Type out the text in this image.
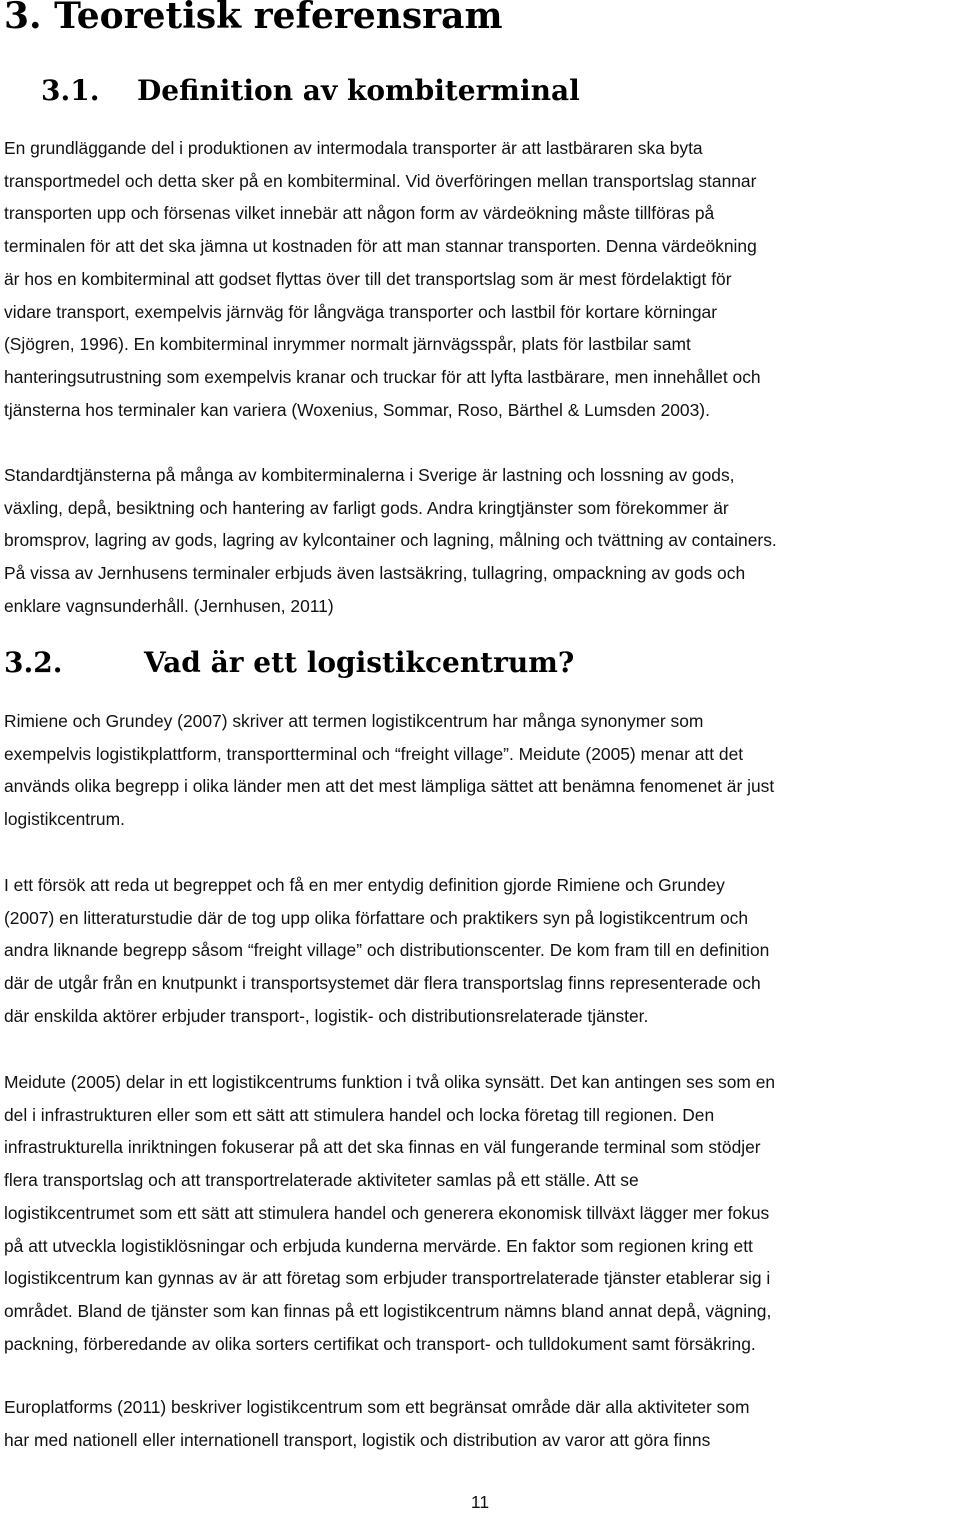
3. Teoretisk referensram
3.1. Definition av kombiterminal
En grundläggande del i produktionen av intermodala transporter är att lastbäraren ska byta
transportmedel och detta sker på en kombiterminal. Vid överföringen mellan transportslag stannar
transporten upp och försenas vilket innebär att någon form av värdeökning måste tillföras på
terminalen för att det ska jämna ut kostnaden för att man stannar transporten. Denna värdeökning
är hos en kombiterminal att godset flyttas över till det transportslag som är mest fördelaktigt för
vidare transport, exempelvis järnväg för långväga transporter och lastbil för kortare körningar
(Sjögren, 1996). En kombiterminal inrymmer normalt järnvägsspår, plats för lastbilar samt
hanteringsutrustning som exempelvis kranar och truckar för att lyfta lastbärare, men innehållet och
tjänsterna hos terminaler kan variera (Woxenius, Sommar, Roso, Bärthel & Lumsden 2003).
Standardtjänsterna på många av kombiterminalerna i Sverige är lastning och lossning av gods,
växling, depå, besiktning och hantering av farligt gods. Andra kringtjänster som förekommer är
bromsprov, lagring av gods, lagring av kylcontainer och lagning, målning och tvättning av containers.
På vissa av Jernhusens terminaler erbjuds även lastsäkring, tullagring, ompackning av gods och
enklare vagnsunderhåll. (Jernhusen, 2011)
3.2.	Vad är ett logistikcentrum?
Rimiene och Grundey (2007) skriver att termen logistikcentrum har många synonymer som
exempelvis logistikplattform, transportterminal och “freight village”. Meidute (2005) menar att det
används olika begrepp i olika länder men att det mest lämpliga sättet att benämna fenomenet är just
logistikcentrum.
I ett försök att reda ut begreppet och få en mer entydig definition gjorde Rimiene och Grundey
(2007) en litteraturstudie där de tog upp olika författare och praktikers syn på logistikcentrum och
andra liknande begrepp såsom “freight village” och distributionscenter. De kom fram till en definition
där de utgår från en knutpunkt i transportsystemet där flera transportslag finns representerade och
där enskilda aktörer erbjuder transport-, logistik- och distributionsrelaterade tjänster.
Meidute (2005) delar in ett logistikcentrums funktion i två olika synsätt. Det kan antingen ses som en
del i infrastrukturen eller som ett sätt att stimulera handel och locka företag till regionen. Den
infrastrukturella inriktningen fokuserar på att det ska finnas en väl fungerande terminal som stödjer
flera transportslag och att transportrelaterade aktiviteter samlas på ett ställe. Att se
logistikcentrumet som ett sätt att stimulera handel och generera ekonomisk tillväxt lägger mer fokus
på att utveckla logistiklösningar och erbjuda kunderna mervärde. En faktor som regionen kring ett
logistikcentrum kan gynnas av är att företag som erbjuder transportrelaterade tjänster etablerar sig i
området. Bland de tjänster som kan finnas på ett logistikcentrum nämns bland annat depå, vägning,
packning, förberedande av olika sorters certifikat och transport- och tulldokument samt försäkring.
Europlatforms (2011) beskriver logistikcentrum som ett begränsat område där alla aktiviteter som
har med nationell eller internationell transport, logistik och distribution av varor att göra finns
11
